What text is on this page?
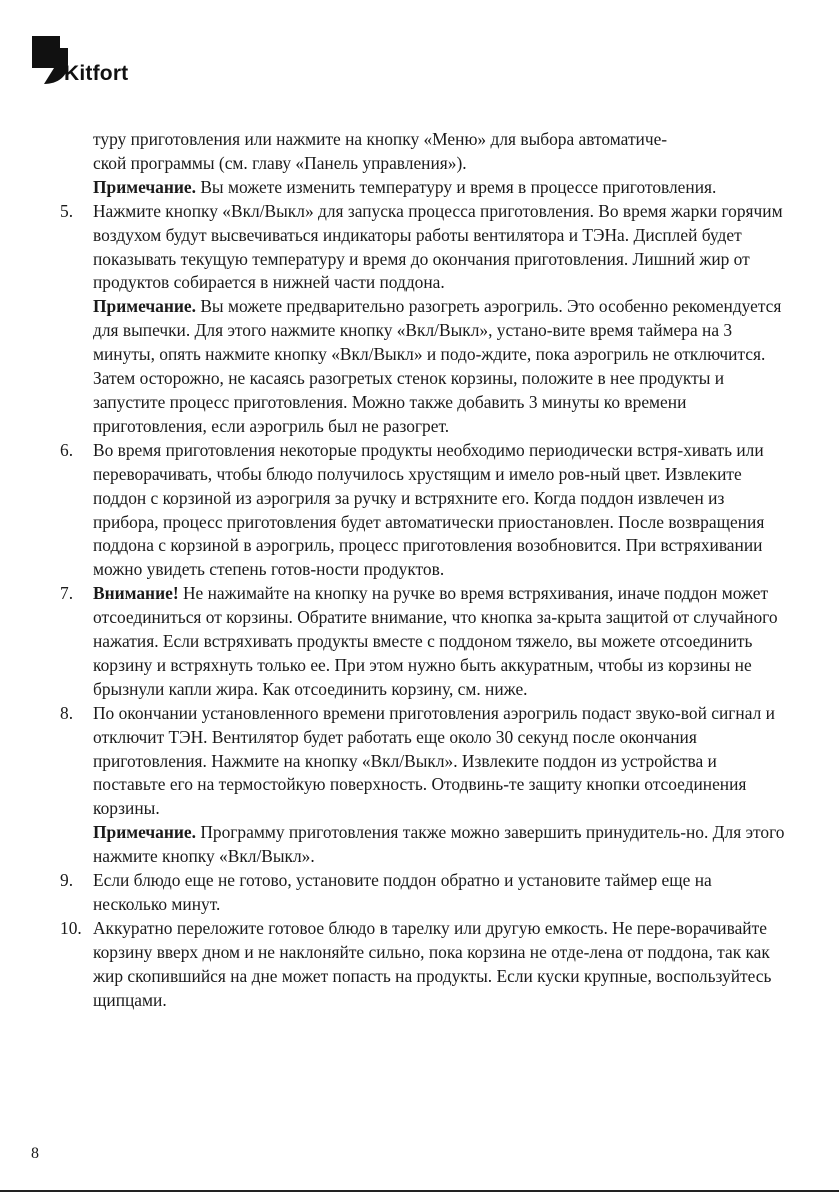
Kitfort
туру приготовления или нажмите на кнопку «Меню» для выбора автоматиче-
ской программы (см. главу «Панель управления»).
Примечание. Вы можете изменить температуру и время в процессе приготовления.
5. Нажмите кнопку «Вкл/Выкл» для запуска процесса приготовления. Во время жарки горячим воздухом будут высвечиваться индикаторы работы вентилятора и ТЭНа. Дисплей будет показывать текущую температуру и время до окончания приготовления. Лишний жир от продуктов собирается в нижней части поддона.
Примечание. Вы можете предварительно разогреть аэрогриль. Это особенно рекомендуется для выпечки. Для этого нажмите кнопку «Вкл/Выкл», устано-вите время таймера на 3 минуты, опять нажмите кнопку «Вкл/Выкл» и подо-ждите, пока аэрогриль не отключится. Затем осторожно, не касаясь разогретых стенок корзины, положите в нее продукты и запустите процесс приготовления. Можно также добавить 3 минуты ко времени приготовления, если аэрогриль был не разогрет.
6. Во время приготовления некоторые продукты необходимо периодически встря-хивать или переворачивать, чтобы блюдо получилось хрустящим и имело ров-ный цвет. Извлеките поддон с корзиной из аэрогриля за ручку и встряхните его. Когда поддон извлечен из прибора, процесс приготовления будет автоматически приостановлен. После возвращения поддона с корзиной в аэрогриль, процесс приготовления возобновится. При встряхивании можно увидеть степень готов-ности продуктов.
7. Внимание! Не нажимайте на кнопку на ручке во время встряхивания, иначе поддон может отсоединиться от корзины. Обратите внимание, что кнопка за-крыта защитой от случайного нажатия. Если встряхивать продукты вместе с поддоном тяжело, вы можете отсоединить корзину и встряхнуть только ее. При этом нужно быть аккуратным, чтобы из корзины не брызнули капли жира. Как отсоединить корзину, см. ниже.
8. По окончании установленного времени приготовления аэрогриль подаст звуко-вой сигнал и отключит ТЭН. Вентилятор будет работать еще около 30 секунд после окончания приготовления. Нажмите на кнопку «Вкл/Выкл». Извлеките поддон из устройства и поставьте его на термостойкую поверхность. Отодвинь-те защиту кнопки отсоединения корзины.
Примечание. Программу приготовления также можно завершить принудитель-но. Для этого нажмите кнопку «Вкл/Выкл».
9. Если блюдо еще не готово, установите поддон обратно и установите таймер еще на несколько минут.
10. Аккуратно переложите готовое блюдо в тарелку или другую емкость. Не пере-ворачивайте корзину вверх дном и не наклоняйте сильно, пока корзина не отде-лена от поддона, так как жир скопившийся на дне может попасть на продукты. Если куски крупные, воспользуйтесь щипцами.
8
